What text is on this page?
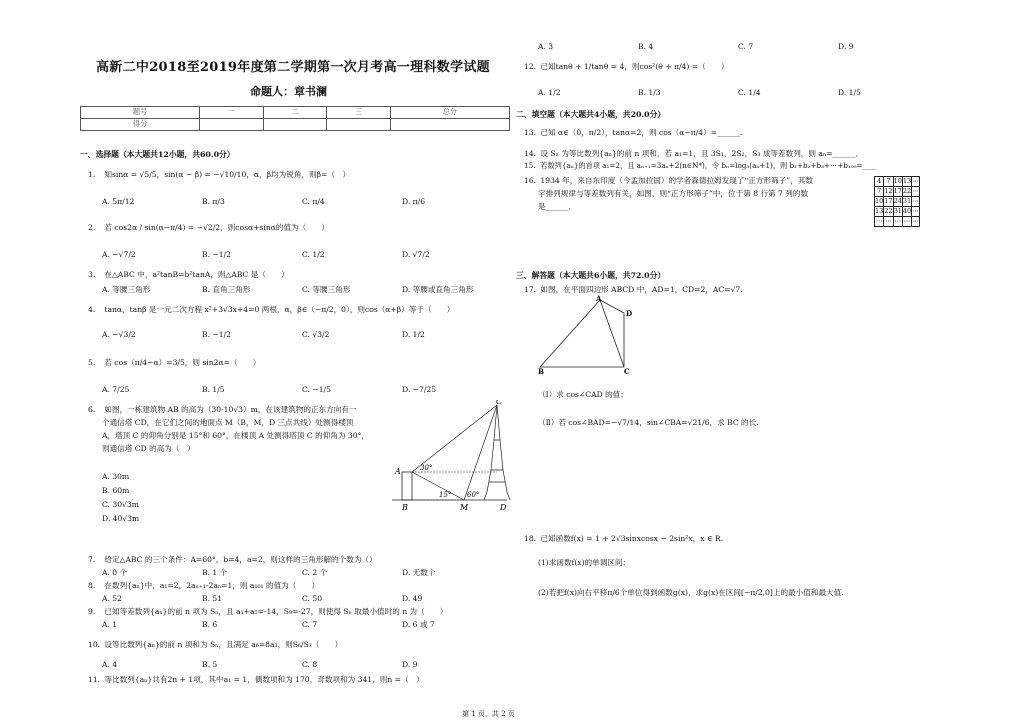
高新二中2018至2019年度第二学期第一次月考高一理科数学试题
命题人：章书澜
题号	一	二	三	总分
得分				
一、选择题（本大题共12小题，共60.0分）
1. 知sinα = √5/5，sin(α − β) = −√10/10，α，β均为锐角，则β=（　）
A. 5π/12	B. π/3	C. π/4	D. π/6
2. 若 cos2α / sin(α−π/4) = −√2/2，则cosα+sinα的值为（　　）
A. −√7/2	B. −1/2	C. 1/2	D. √7/2
3. 在△ABC 中，a²tanB=b²tanA，则△ABC 是（　　）
A. 等腰三角形	B. 直角三角形	C. 等腰三角形	D. 等腰或直角三角形
4. tanα，tanβ 是一元二次方程 x²+3√3x+4=0 两根，α，β∈（−π/2，0），则cos（α+β）等于（　　）
A. −√3/2	B. −1/2	C. √3/2	D. 1/2
5. 若 cos（π/4−α）=3/5，则 sin2α=（　　）
A. 7/25	B. 1/5	C. −1/5	D. −7/25
6. 如图，一栋建筑物 AB 的高为（30-10√3）m，在该建筑物的正东方向有一
个通信塔 CD，在它们之间的地面点 M（B，M，D 三点共线）处测得楼顶
A，塔顶 C 的仰角分别是 15°和 60°，在楼顶 A 处测得塔顶 C 的仰角为 30°，
则通信塔 CD 的高为（　）
A. 30m
B. 60m
C. 30√3m
D. 40√3m
A
B
C
D
M
30°
15° 60°
7. 给定△ABC 的三个条件：A=60°，b=4，a=2，则这样的三角形解的个数为（）
A. 0 个	B. 1 个	C. 2 个	D. 无数个
8. 在数列{aₙ}中，a₁=2，2aₙ₊₁-2aₙ=1，则 a₁₀₁ 的值为（　　）
A. 52	B. 51	C. 50	D. 49
9. 已知等差数列{aₙ}的前 n 项为 Sₙ，且 a₁+a₅=-14，S₉=-27，则使得 Sₙ 取最小值时的 n 为（　　）
A. 1	B. 6	C. 7	D. 6 或 7
10. 设等比数列{aₙ}的前 n 项和为 Sₙ，且满足 a₆=8a₃，则S₆/S₃（　　）
A. 4	B. 5	C. 8	D. 9
11. 等比数列{aₙ}共有2n + 1项，其中a₁ = 1，偶数项和为 170，奇数项和为 341，则n =（　）
A. 3	B. 4	C. 7	D. 9
12. 已知tanθ + 1/tanθ = 4，则cos²(θ + π/4) =（　　）
A. 1/2	B. 1/3	C. 1/4	D. 1/5
二、填空题（本大题共4小题，共20.0分）
13. 已知 α∈（0，π/2），tanα=2，则 cos（α−π/4）=______.
14. 设 Sₙ 为等比数列{aₙ}的前 n 项和，若 a₁=1，且 3S₁，2S₂，S₃ 成等差数列，则 aₙ=______．
15. 若数列{aₙ}的首项 a₁=2，且 aₙ₊₁=3aₙ+2(n∈N*)，令 bₙ=log₃(aₙ+1)，则 b₁+b₂+b₃+⋯+b₁₀₀=____
16. 1934 年，来自东印度（今孟加拉国）的学者森德拉姆发现了“正方形筛子”，其数
字排列规律与等差数列有关，如图，则“正方形筛子”中，位于第 8 行第 7 列的数
是______．
4	7	10	13	⋯
7	12	17	22	⋯
10	17	24	31	⋯
13	22	31	40	⋯
⋯	⋯	⋯	⋯	⋯
三、解答题（本大题共6小题，共72.0分）
17. 如图，在平面四边形 ABCD 中，AD=1，CD=2，AC=√7.
A
B	C
D
（Ⅰ）求 cos∠CAD 的值；
（Ⅱ）若 cos∠BAD=−√7/14，sin∠CBA=√21/6，求 BC 的长.
18. 已知函数f(x) = 1 + 2√3sinxcosx − 2sin²x，x ∈ R.
(1)求函数f(x)的单调区间；
(2)若把f(x)向右平移π/6个单位得到函数g(x)，求g(x)在区间[−π/2,0]上的最小值和最大值.
第 1 页，共 2 页
